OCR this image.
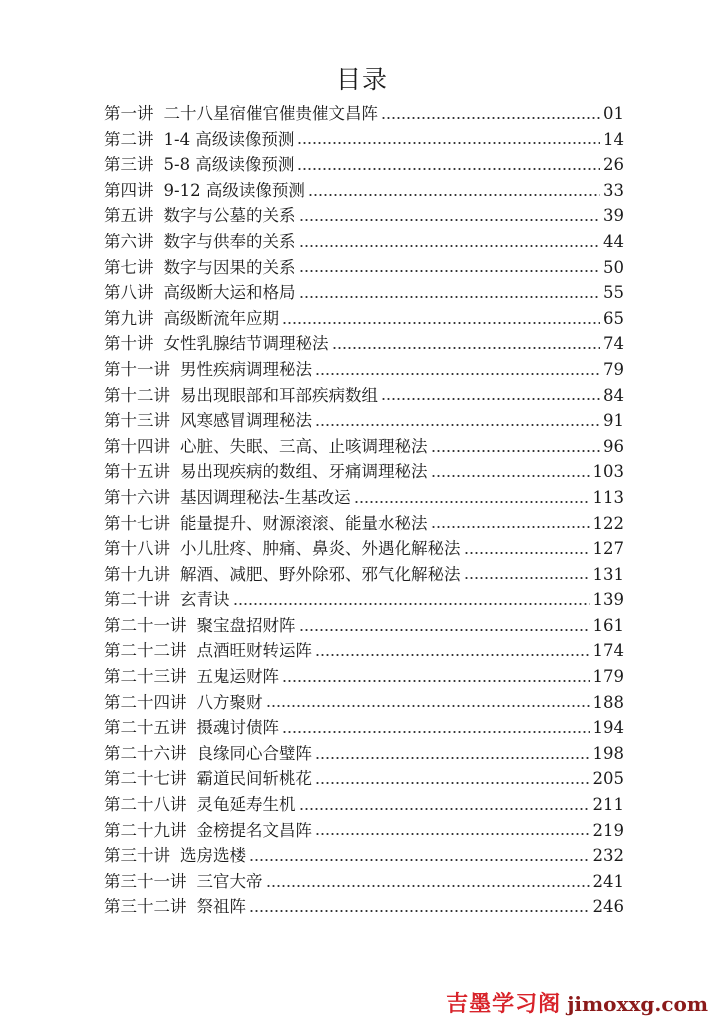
目录
第一讲 二十八星宿催官催贵催文昌阵	01
第二讲 1-4 高级读像预测	14
第三讲 5-8 高级读像预测	26
第四讲 9-12 高级读像预测	33
第五讲 数字与公墓的关系	39
第六讲 数字与供奉的关系	44
第七讲 数字与因果的关系	50
第八讲 高级断大运和格局	55
第九讲 高级断流年应期	65
第十讲 女性乳腺结节调理秘法	74
第十一讲 男性疾病调理秘法	79
第十二讲 易出现眼部和耳部疾病数组	84
第十三讲 风寒感冒调理秘法	91
第十四讲 心脏、失眠、三高、止咳调理秘法	96
第十五讲 易出现疾病的数组、牙痛调理秘法	103
第十六讲 基因调理秘法-生基改运	113
第十七讲 能量提升、财源滚滚、能量水秘法	122
第十八讲 小儿肚疼、肿痛、鼻炎、外遇化解秘法	127
第十九讲 解酒、减肥、野外除邪、邪气化解秘法	131
第二十讲 玄青诀	139
第二十一讲 聚宝盘招财阵	161
第二十二讲 点酒旺财转运阵	174
第二十三讲 五鬼运财阵	179
第二十四讲 八方聚财	188
第二十五讲 摄魂讨债阵	194
第二十六讲 良缘同心合璧阵	198
第二十七讲 霸道民间斩桃花	205
第二十八讲 灵龟延寿生机	211
第二十九讲 金榜提名文昌阵	219
第三十讲 选房选楼	232
第三十一讲 三官大帝	241
第三十二讲 祭祖阵	246
吉墨学习阁 jimoxxg.com
